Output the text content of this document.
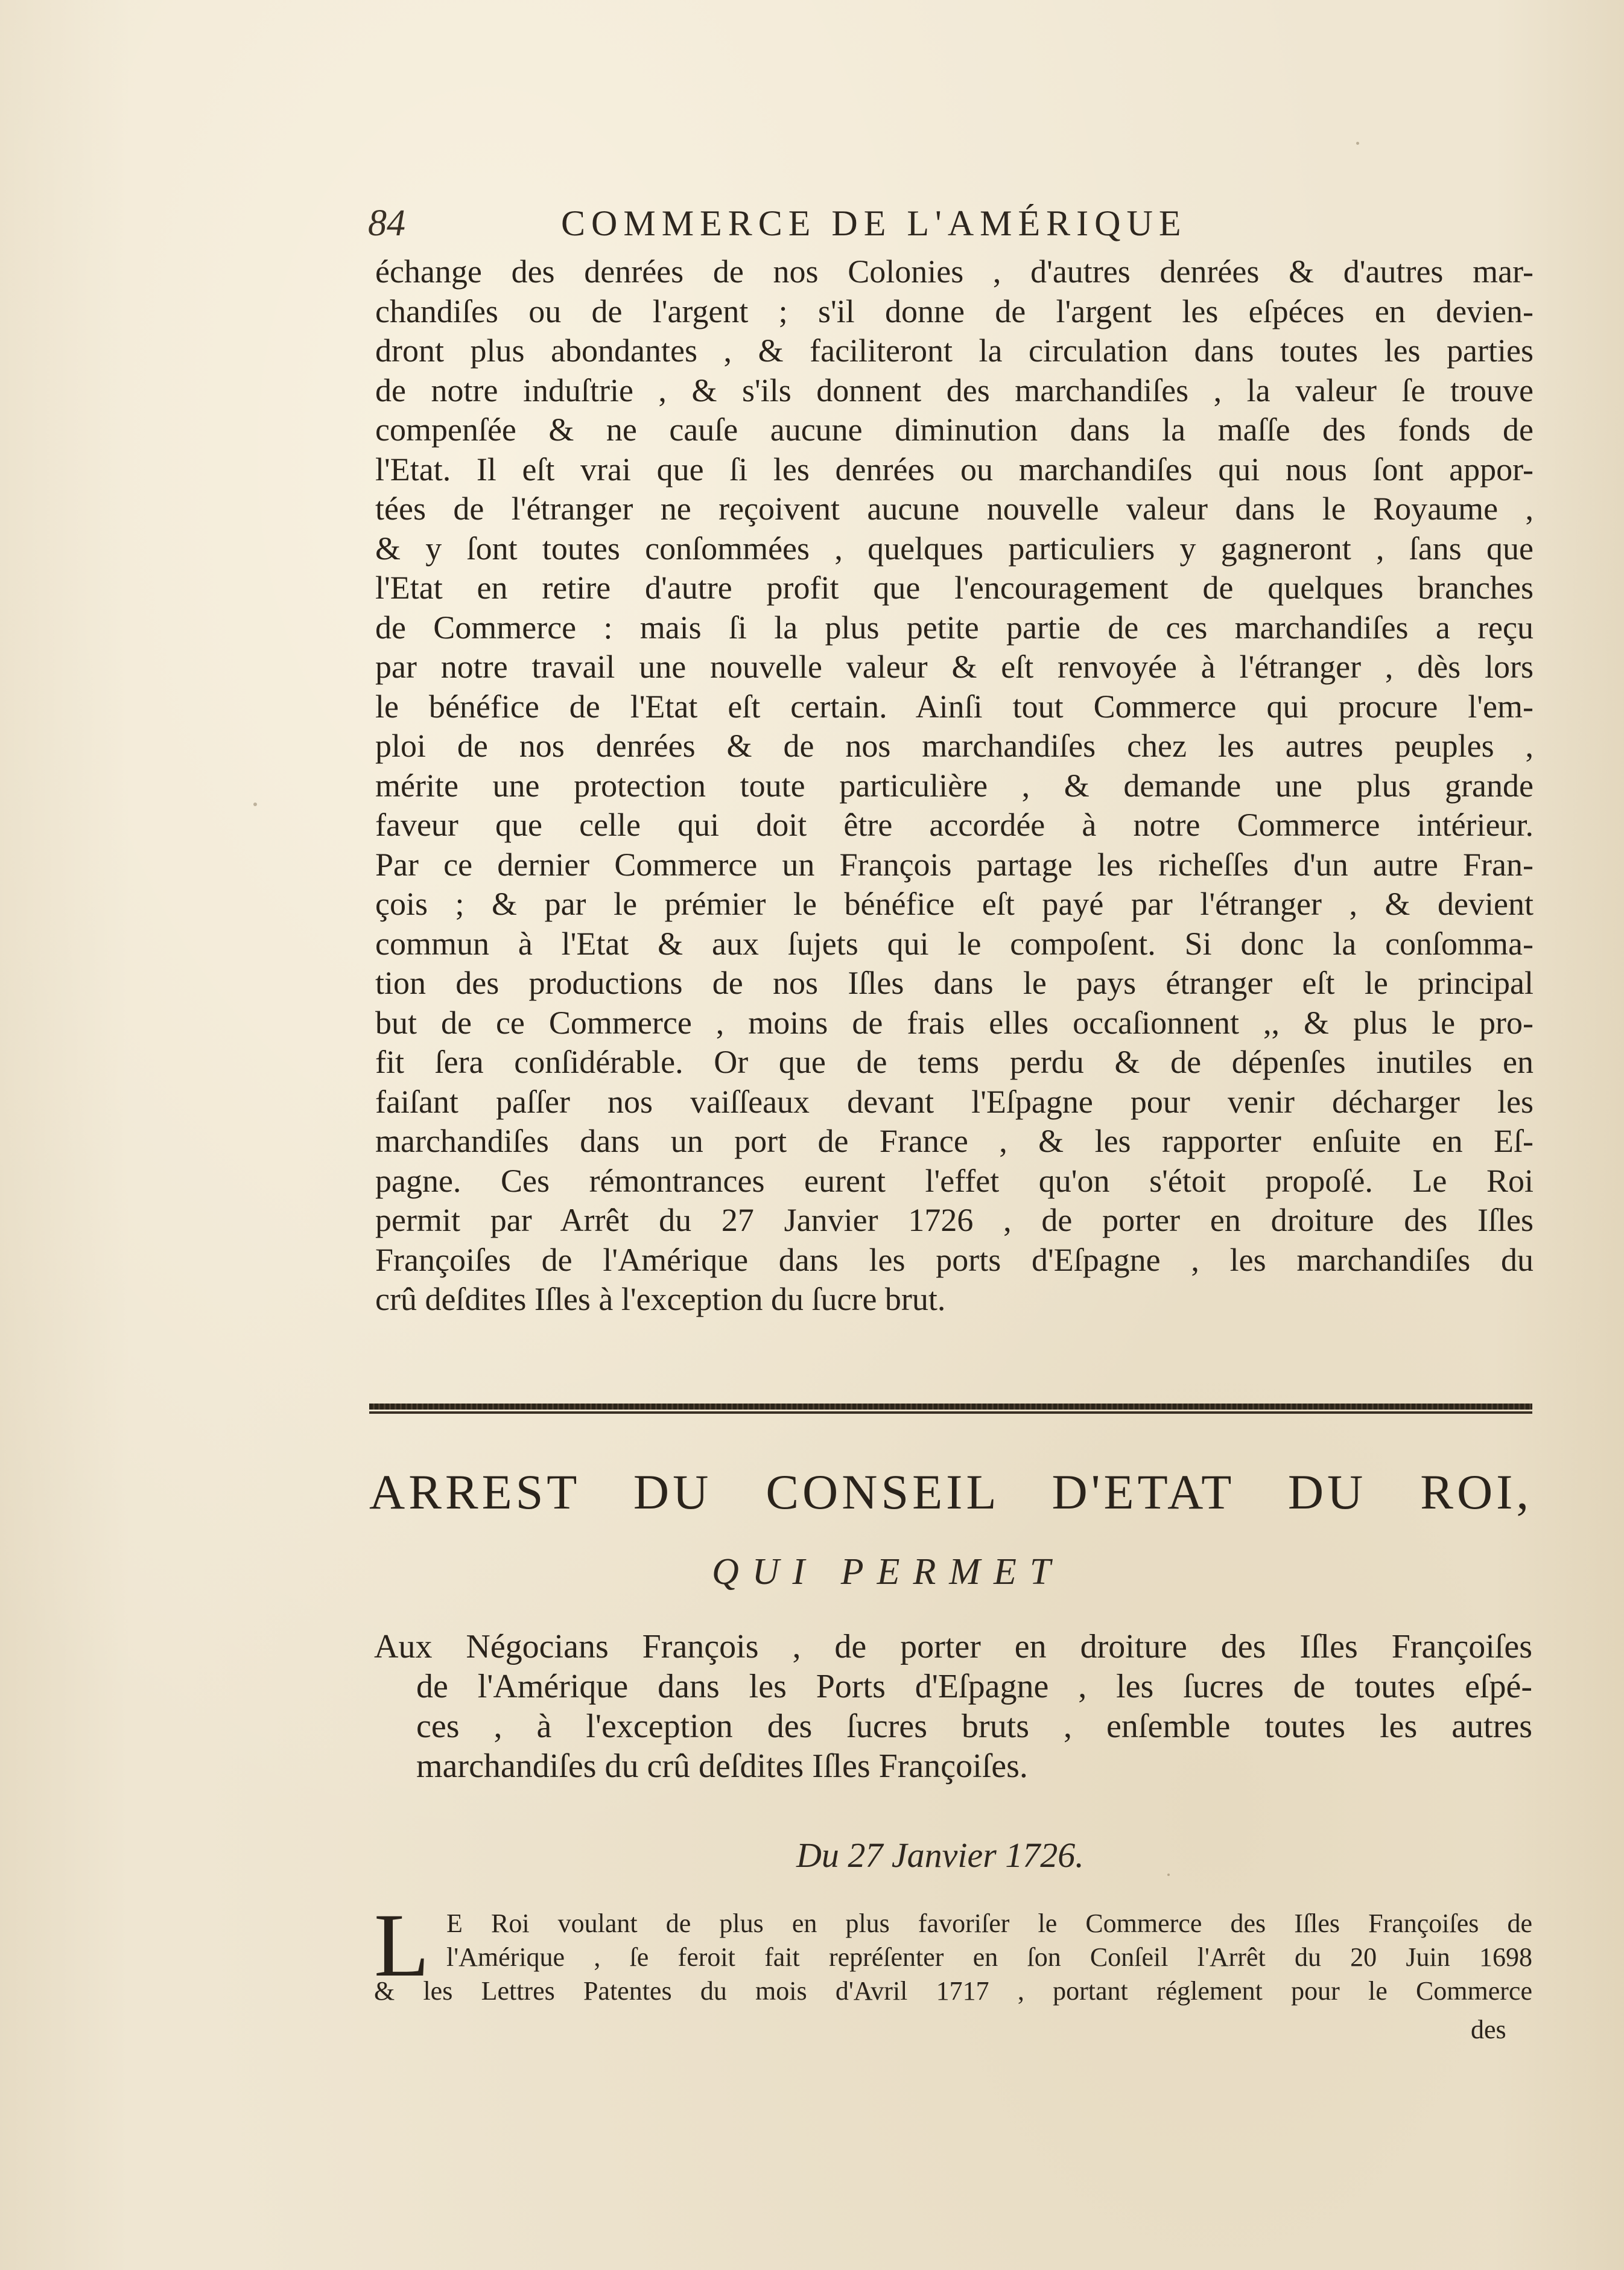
84	COMMERCE DE L'AMÉRIQUE
échange des denrées de nos Colonies , d'autres denrées & d'autres mar-
chandiſes ou de l'argent ; s'il donne de l'argent les eſpéces en devien-
dront plus abondantes , & faciliteront la circulation dans toutes les parties
de notre induſtrie , & s'ils donnent des marchandiſes , la valeur ſe trouve
compenſée & ne cauſe aucune diminution dans la maſſe des fonds de
l'Etat. Il eſt vrai que ſi les denrées ou marchandiſes qui nous ſont appor-
tées de l'étranger ne reçoivent aucune nouvelle valeur dans le Royaume ,
& y ſont toutes conſommées , quelques particuliers y gagneront , ſans que
l'Etat en retire d'autre profit que l'encouragement de quelques branches
de Commerce : mais ſi la plus petite partie de ces marchandiſes a reçu
par notre travail une nouvelle valeur & eſt renvoyée à l'étranger , dès lors
le bénéfice de l'Etat eſt certain. Ainſi tout Commerce qui procure l'em-
ploi de nos denrées & de nos marchandiſes chez les autres peuples ,
mérite une protection toute particulière , & demande une plus grande
faveur que celle qui doit être accordée à notre Commerce intérieur.
Par ce dernier Commerce un François partage les richeſſes d'un autre Fran-
çois ; & par le prémier le bénéfice eſt payé par l'étranger , & devient
commun à l'Etat & aux ſujets qui le compoſent. Si donc la conſomma-
tion des productions de nos Iſles dans le pays étranger eſt le principal
but de ce Commerce , moins de frais elles occaſionnent ,, & plus le pro-
fit ſera conſidérable. Or que de tems perdu & de dépenſes inutiles en
faiſant paſſer nos vaiſſeaux devant l'Eſpagne pour venir décharger les
marchandiſes dans un port de France , & les rapporter enſuite en Eſ-
pagne. Ces rémontrances eurent l'effet qu'on s'étoit propoſé. Le Roi
permit par Arrêt du 27 Janvier 1726 , de porter en droiture des Iſles
Françoiſes de l'Amérique dans les ports d'Eſpagne , les marchandiſes du
crû deſdites Iſles à l'exception du ſucre brut.
ARREST DU CONSEIL D'ETAT DU ROI,
QUI PERMET
Aux Négocians François , de porter en droiture des Iſles Françoiſes
de l'Amérique dans les Ports d'Eſpagne , les ſucres de toutes eſpé-
ces , à l'exception des ſucres bruts , enſemble toutes les autres
marchandiſes du crû deſdites Iſles Françoiſes.
Du 27 Janvier 1726.
L E Roi voulant de plus en plus favoriſer le Commerce des Iſles Françoiſes de
l'Amérique , ſe feroit fait repréſenter en ſon Conſeil l'Arrêt du 20 Juin 1698
& les Lettres Patentes du mois d'Avril 1717 , portant réglement pour le Commerce
des
